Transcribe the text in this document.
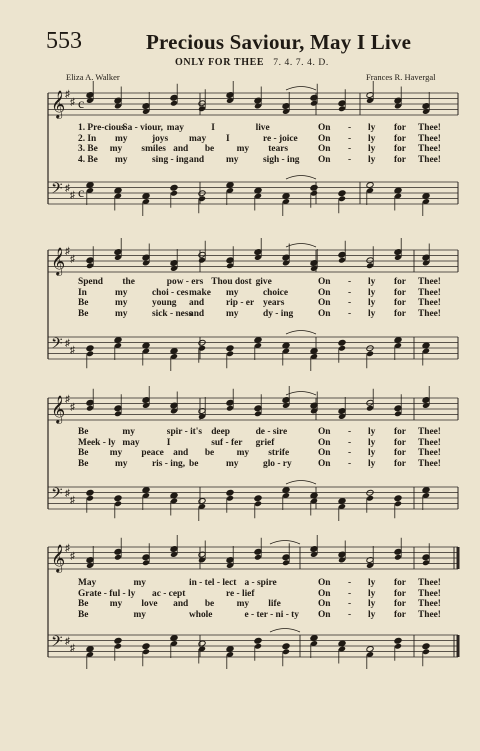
553	Precious Saviour, May I Live
ONLY FOR THEE 7. 4. 7. 4. D.
Eliza A. Walker	Frances R. Havergal
𝄞 ♯
♯ c
𝄢 ♯
♯ c
𝄞 ♯
♯
𝄢 ♯
♯
𝄞 ♯
♯
𝄢 ♯
♯
𝄞 ♯
♯
𝄢 ♯
♯
1. Pre-cious
Sa - viour, may	I	live	On - ly for Thee!
2. In my	joys may I	re - joice On - ly for Thee!
3. Be my smiles and be my tears	On - ly for Thee!
4. Be my	sing - ing and my	sigh - ing On - ly for Thee!
Spend the	pow - ers Thou dost give	On - ly for Thee!
In	my	choi - ces make my	choice	On - ly for Thee!
Be	my	young and rip - er years	On - ly for Thee!
Be	my	sick - ness
and my	dy - ing	On - ly for Thee!
Be	my	spir - it's deep	de - sire	On - ly for Thee!
Meek - ly may	I	suf - fer grief	On - ly for Thee!
Be my peace and be my strife	On - ly for Thee!
Be	my	ris - ing, be	my	glo - ry	On - ly for Thee!
May	my	in - tel - lect a - spire	On - ly for Thee!
Grate - ful - ly ac - cept	re - lief	On - ly for Thee!
Be my love and be my life	On - ly for Thee!
Be	my	whole	e - ter - ni - ty On - ly for Thee!
